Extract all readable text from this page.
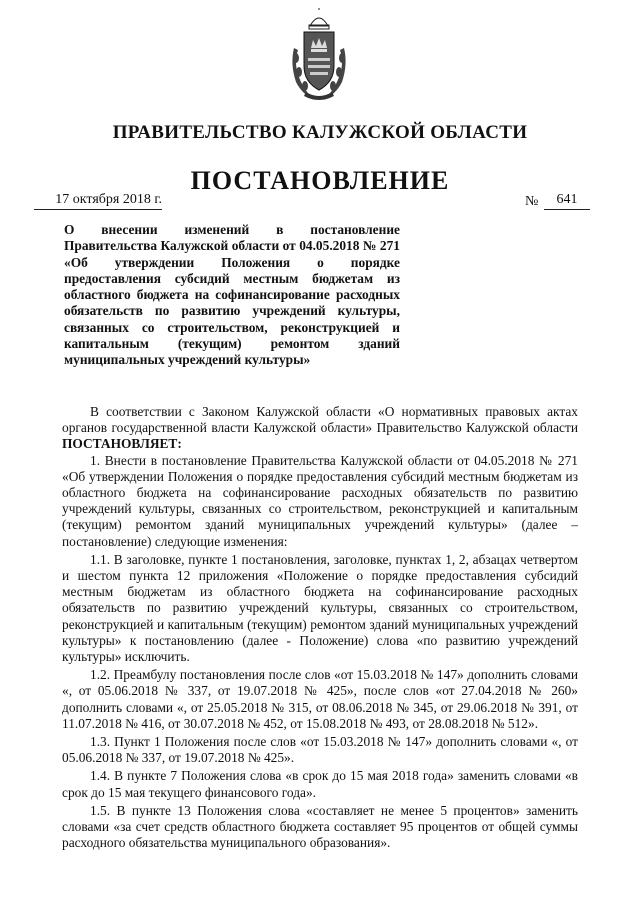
ПРАВИТЕЛЬСТВО КАЛУЖСКОЙ ОБЛАСТИ
ПОСТАНОВЛЕНИЕ
17 октября 2018 г.	№	641
О внесении изменений в постановление Правительства Калужской области от 04.05.2018 № 271 «Об утверждении Положения о порядке предоставления субсидий местным бюджетам из областного бюджета на софинансирование расходных обязательств по развитию учреждений культуры, связанных со строительством, реконструкцией и капитальным (текущим) ремонтом зданий муниципальных учреждений культуры»

В соответствии с Законом Калужской области «О нормативных правовых актах органов государственной власти Калужской области» Правительство Калужской области ПОСТАНОВЛЯЕТ:

1. Внести в постановление Правительства Калужской области от 04.05.2018 № 271 «Об утверждении Положения о порядке предоставления субсидий местным бюджетам из областного бюджета на софинансирование расходных обязательств по развитию учреждений культуры, связанных со строительством, реконструкцией и капитальным (текущим) ремонтом зданий муниципальных учреждений культуры» (далее – постановление) следующие изменения:

1.1. В заголовке, пункте 1 постановления, заголовке, пунктах 1, 2, абзацах четвертом и шестом пункта 12 приложения «Положение о порядке предоставления субсидий местным бюджетам из областного бюджета на софинансирование расходных обязательств по развитию учреждений культуры, связанных со строительством, реконструкцией и капитальным (текущим) ремонтом зданий муниципальных учреждений культуры» к постановлению (далее - Положение) слова «по развитию учреждений культуры» исключить.

1.2. Преамбулу постановления после слов «от 15.03.2018 № 147» дополнить словами «, от 05.06.2018 № 337, от 19.07.2018 № 425», после слов «от 27.04.2018 № 260» дополнить словами «, от 25.05.2018 № 315, от 08.06.2018 № 345, от 29.06.2018 № 391, от 11.07.2018 № 416, от 30.07.2018 № 452, от 15.08.2018 № 493, от 28.08.2018 № 512».

1.3. Пункт 1 Положения после слов «от 15.03.2018 № 147» дополнить словами «, от 05.06.2018 № 337, от 19.07.2018 № 425».

1.4. В пункте 7 Положения слова «в срок до 15 мая 2018 года» заменить словами «в срок до 15 мая текущего финансового года».

1.5. В пункте 13 Положения слова «составляет не менее 5 процентов» заменить словами «за счет средств областного бюджета составляет 95 процентов от общей суммы расходного обязательства муниципального образования».
